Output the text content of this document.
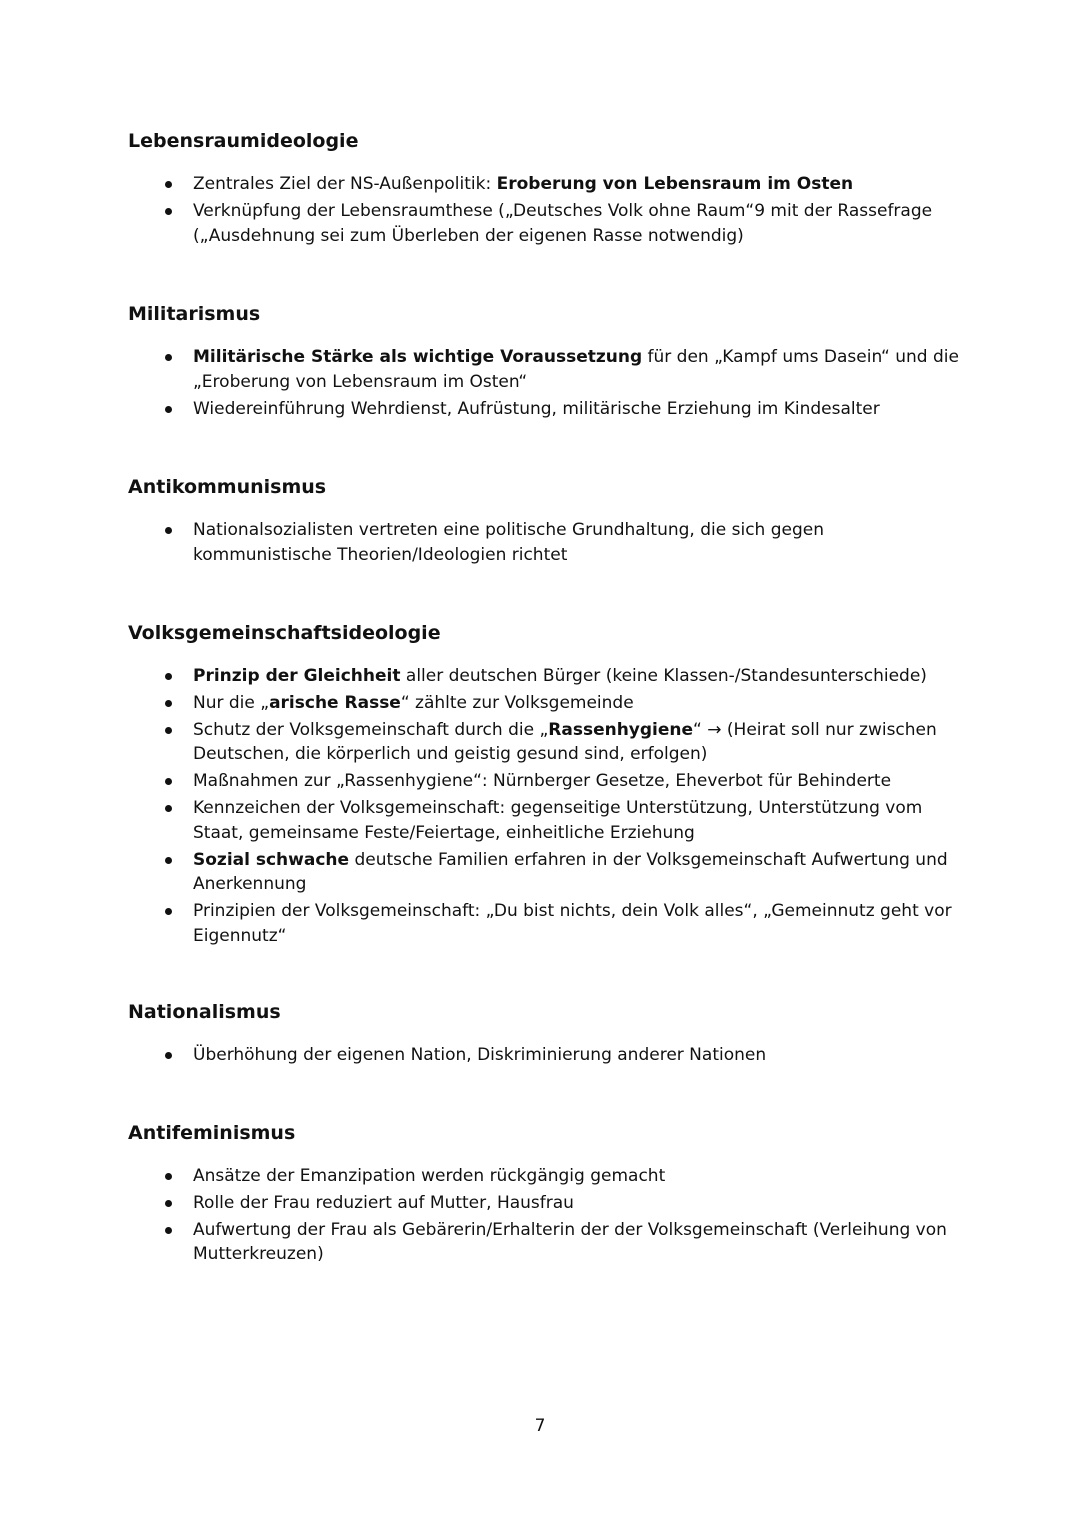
Lebensraumideologie
Zentrales Ziel der NS-Außenpolitik: Eroberung von Lebensraum im Osten
Verknüpfung der Lebensraumthese („Deutsches Volk ohne Raum“9 mit der Rassefrage („Ausdehnung sei zum Überleben der eigenen Rasse notwendig)
Militarismus
Militärische Stärke als wichtige Voraussetzung für den „Kampf ums Dasein“ und die „Eroberung von Lebensraum im Osten“
Wiedereinführung Wehrdienst, Aufrüstung, militärische Erziehung im Kindesalter
Antikommunismus
Nationalsozialisten vertreten eine politische Grundhaltung, die sich gegen kommunistische Theorien/Ideologien richtet
Volksgemeinschaftsideologie
Prinzip der Gleichheit aller deutschen Bürger (keine Klassen-/Standesunterschiede)
Nur die „arische Rasse“ zählte zur Volksgemeinde
Schutz der Volksgemeinschaft durch die „Rassenhygiene“ → (Heirat soll nur zwischen Deutschen, die körperlich und geistig gesund sind, erfolgen)
Maßnahmen zur „Rassenhygiene“: Nürnberger Gesetze, Eheverbot für Behinderte
Kennzeichen der Volksgemeinschaft: gegenseitige Unterstützung, Unterstützung vom Staat, gemeinsame Feste/Feiertage, einheitliche Erziehung
Sozial schwache deutsche Familien erfahren in der Volksgemeinschaft Aufwertung und Anerkennung
Prinzipien der Volksgemeinschaft: „Du bist nichts, dein Volk alles“, „Gemeinnutz geht vor Eigennutz“
Nationalismus
Überhöhung der eigenen Nation, Diskriminierung anderer Nationen
Antifeminismus
Ansätze der Emanzipation werden rückgängig gemacht
Rolle der Frau reduziert auf Mutter, Hausfrau
Aufwertung der Frau als Gebärerin/Erhalterin der der Volksgemeinschaft (Verleihung von Mutterkreuzen)
7
